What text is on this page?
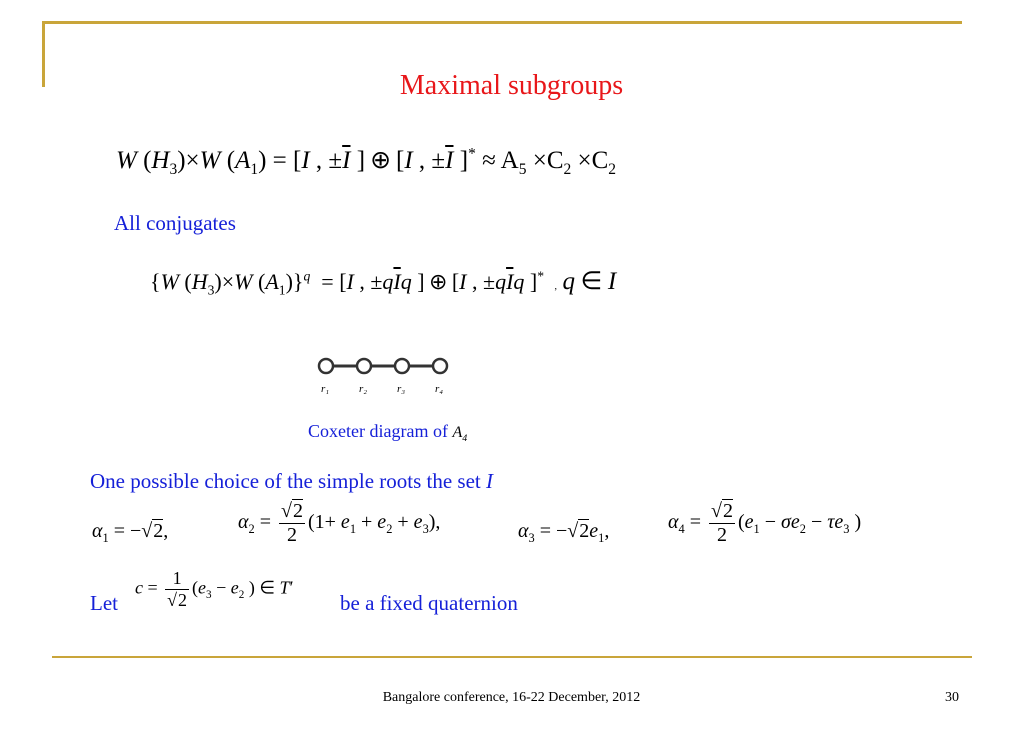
Maximal subgroups
W $(H_3)\times W$ $(A_1) = [I$ , $\pm\overline{I}$ ] ⊕ [I , $\pm\overline{I}$ ]$^* \approx A_5 \times C_2 \times C_2$
All conjugates
{W $(H_3)\times W$ $(A_1)\}^q = [I$ , $\pm q\overline{I}q$ ] ⊕ [I , $\pm q\overline{I}q$ ]*   , q ∈ I
r₁	r₂	r₃	r₄
Coxeter diagram of $A_4$
One possible choice of the simple roots the set I
$\alpha_1 = -√2$,	$\alpha_2 = \frac{√2}{2} (1+ e_1 + e_2 + e_3)$,	$\alpha_3 = -√2e_1$,	$\alpha_4 = \frac{√2}{2} (e_1 - \sigma e_2 - \tau e_3$ )
Let
$c = \frac{1}{√2} (e_3 - e_2$ ) ∈ T′
be a fixed quaternion
Bangalore conference, 16-22 December, 2012	30
